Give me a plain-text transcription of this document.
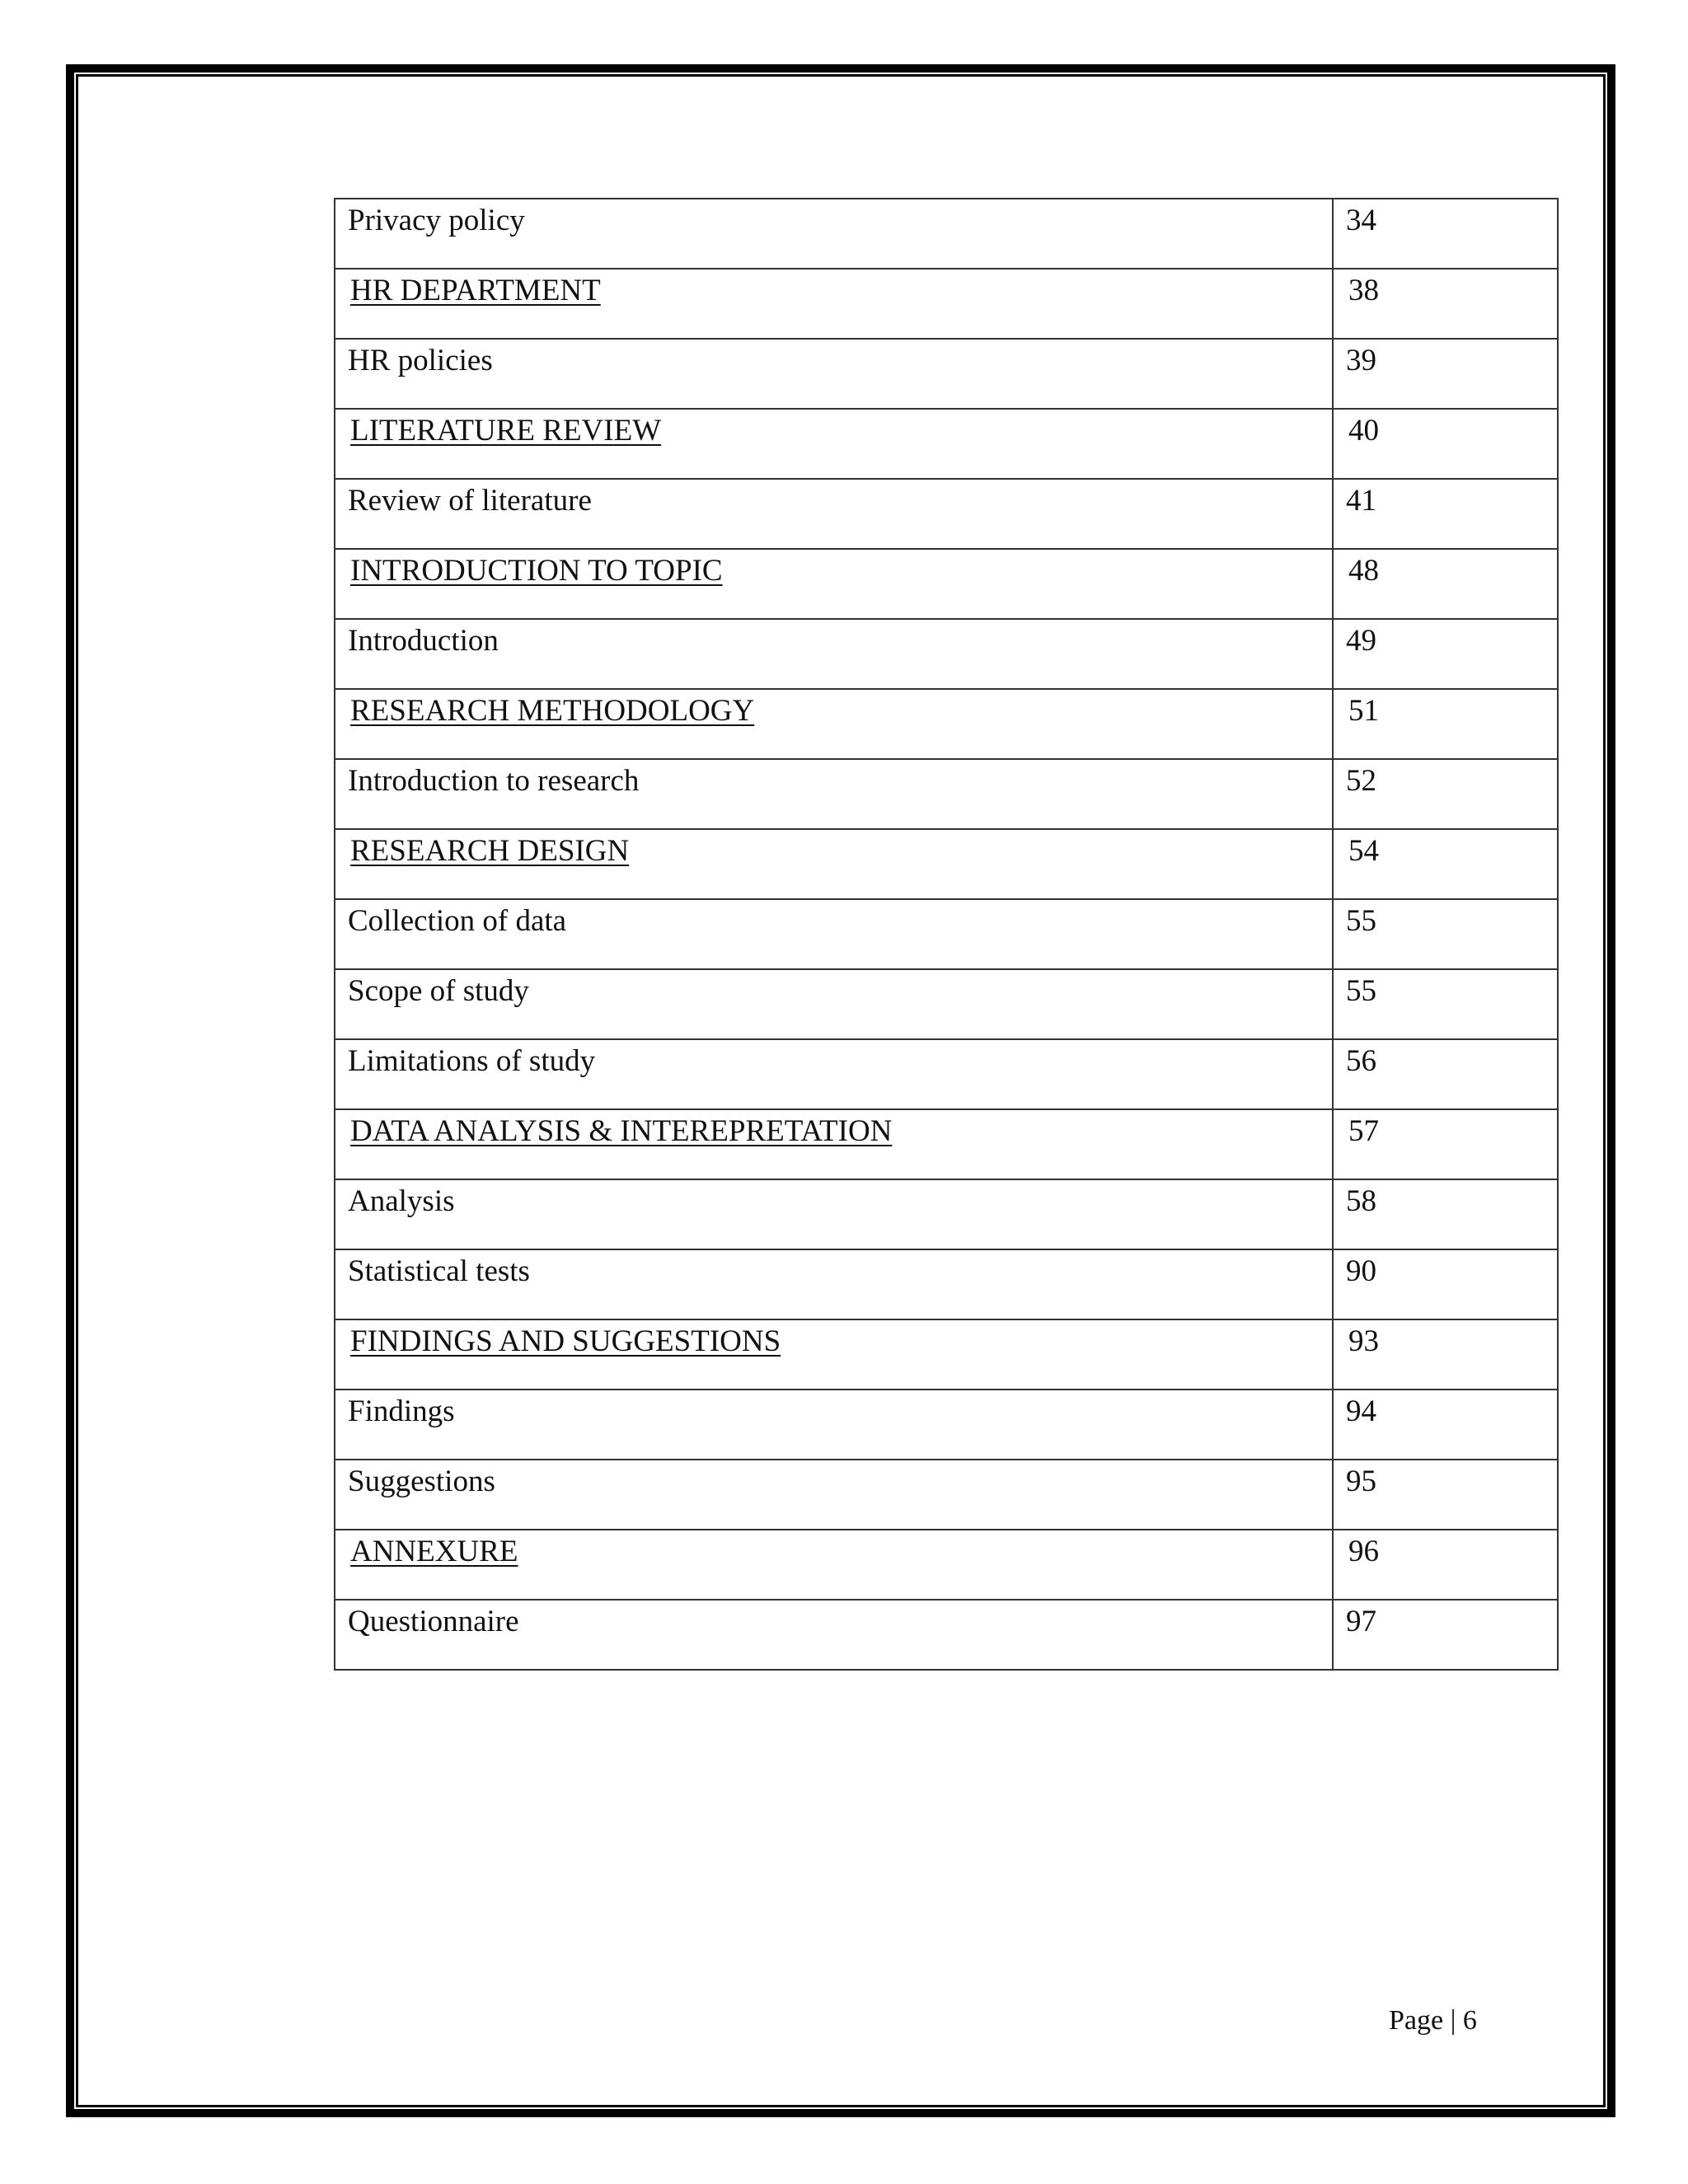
Privacy policy	34
HR DEPARTMENT	38
HR policies	39
LITERATURE REVIEW	40
Review of literature	41
INTRODUCTION TO TOPIC	48
Introduction	49
RESEARCH METHODOLOGY	51
Introduction to research	52
RESEARCH DESIGN	54
Collection of data	55
Scope of study	55
Limitations of study	56
DATA ANALYSIS & INTEREPRETATION	57
Analysis	58
Statistical tests	90
FINDINGS AND SUGGESTIONS	93
Findings	94
Suggestions	95
ANNEXURE	96
Questionnaire	97
Page | 6
